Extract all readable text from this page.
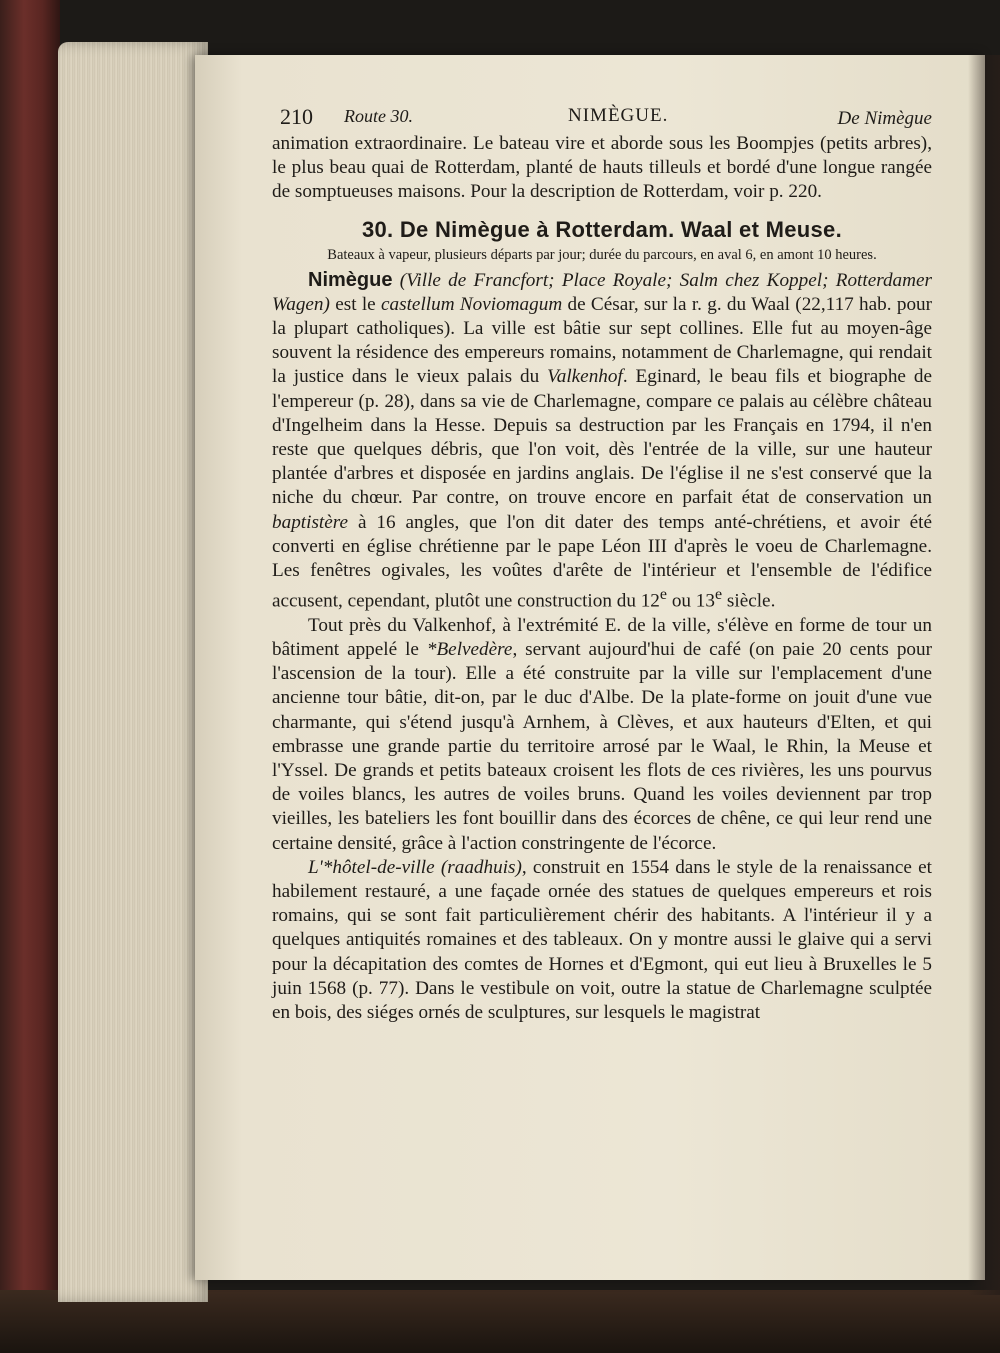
210 Route 30.	NIMÈGUE.	De Nimègue

animation extraordinaire. Le bateau vire et aborde sous les Boompjes (petits arbres), le plus beau quai de Rotterdam, planté de hauts tilleuls et bordé d'une longue rangée de somptueuses maisons. Pour la description de Rotterdam, voir p. 220.

30. De Nimègue à Rotterdam. Waal et Meuse.
Bateaux à vapeur, plusieurs départs par jour; durée du parcours, en aval 6, en amont 10 heures.

Nimègue (Ville de Francfort; Place Royale; Salm chez Koppel; Rotterdamer Wagen) est le castellum Noviomagum de César, sur la r. g. du Waal (22,117 hab. pour la plupart catholiques). La ville est bâtie sur sept collines. Elle fut au moyen-âge souvent la résidence des empereurs romains, notamment de Charlemagne, qui rendait la justice dans le vieux palais du Valkenhof. Eginard, le beau fils et biographe de l'empereur (p. 28), dans sa vie de Charlemagne, compare ce palais au célèbre château d'Ingelheim dans la Hesse. Depuis sa destruction par les Français en 1794, il n'en reste que quelques débris, que l'on voit, dès l'entrée de la ville, sur une hauteur plantée d'arbres et disposée en jardins anglais. De l'église il ne s'est conservé que la niche du chœur. Par contre, on trouve encore en parfait état de conservation un baptistère à 16 angles, que l'on dit dater des temps anté-chrétiens, et avoir été converti en église chrétienne par le pape Léon III d'après le voeu de Charlemagne. Les fenêtres ogivales, les voûtes d'arête de l'intérieur et l'ensemble de l'édifice accusent, cependant, plutôt une construction du 12e ou 13e siècle.

Tout près du Valkenhof, à l'extrémité E. de la ville, s'élève en forme de tour un bâtiment appelé le *Belvedère, servant aujourd'hui de café (on paie 20 cents pour l'ascension de la tour). Elle a été construite par la ville sur l'emplacement d'une ancienne tour bâtie, dit-on, par le duc d'Albe. De la plate-forme on jouit d'une vue charmante, qui s'étend jusqu'à Arnhem, à Clèves, et aux hauteurs d'Elten, et qui embrasse une grande partie du territoire arrosé par le Waal, le Rhin, la Meuse et l'Yssel. De grands et petits bateaux croisent les flots de ces rivières, les uns pourvus de voiles blancs, les autres de voiles bruns. Quand les voiles deviennent par trop vieilles, les bateliers les font bouillir dans des écorces de chêne, ce qui leur rend une certaine densité, grâce à l'action constringente de l'écorce.

L'*hôtel-de-ville (raadhuis), construit en 1554 dans le style de la renaissance et habilement restauré, a une façade ornée des statues de quelques empereurs et rois romains, qui se sont fait particulièrement chérir des habitants. A l'intérieur il y a quelques antiquités romaines et des tableaux. On y montre aussi le glaive qui a servi pour la décapitation des comtes de Hornes et d'Egmont, qui eut lieu à Bruxelles le 5 juin 1568 (p. 77). Dans le vestibule on voit, outre la statue de Charlemagne sculptée en bois, des siéges ornés de sculptures, sur lesquels le magistrat
